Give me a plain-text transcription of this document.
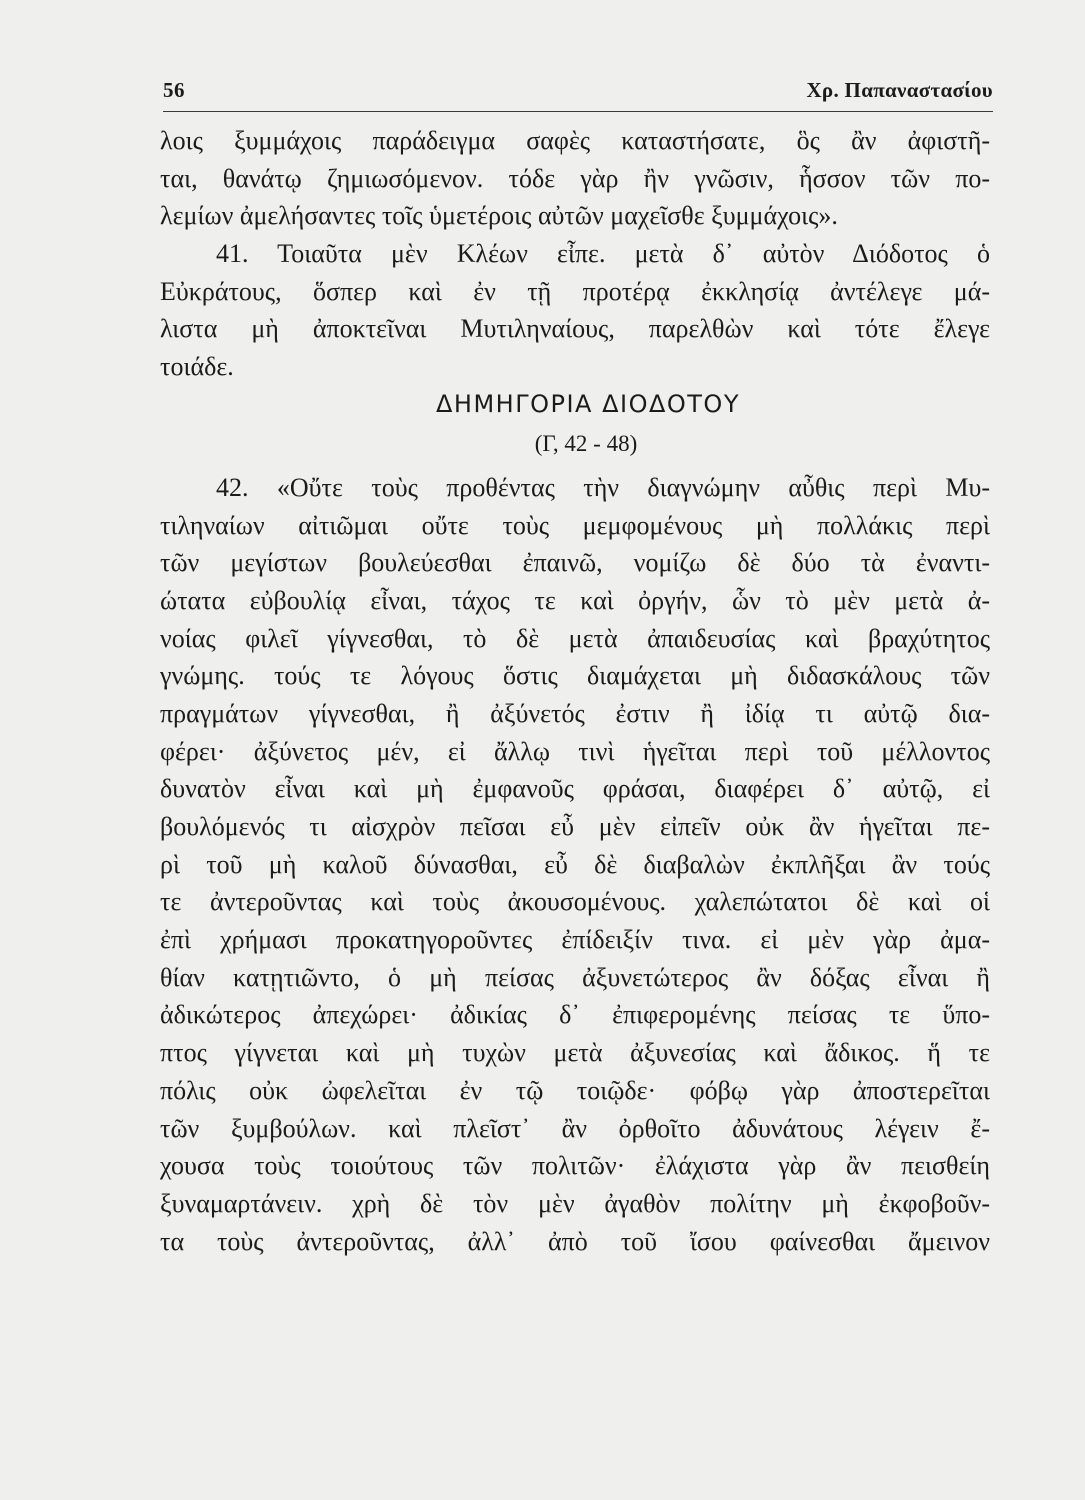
56	Χρ. Παπαναστασίου
λοις ξυμμάχοις παράδειγμα σαφὲς καταστήσατε, ὃς ἂν ἀφιστῆ-
ται, θανάτῳ ζημιωσόμενον. τόδε γὰρ ἢν γνῶσιν, ἧσσον τῶν πο-
λεμίων ἀμελήσαντες τοῖς ὑμετέροις αὐτῶν μαχεῖσθε ξυμμάχοις».
41. Τοιαῦτα μὲν Κλέων εἶπε. μετὰ δ᾽ αὐτὸν Διόδοτος ὁ
Εὐκράτους, ὅσπερ καὶ ἐν τῇ προτέρᾳ ἐκκλησίᾳ ἀντέλεγε μά-
λιστα μὴ ἀποκτεῖναι Μυτιληναίους, παρελθὼν καὶ τότε ἔλεγε
τοιάδε.
ΔΗΜΗΓΟΡΙΑ ΔΙΟΔΟΤΟΥ
(Γ, 42 - 48)
42. «Οὔτε τοὺς προθέντας τὴν διαγνώμην αὖθις περὶ Μυ-
τιληναίων αἰτιῶμαι οὔτε τοὺς μεμφομένους μὴ πολλάκις περὶ
τῶν μεγίστων βουλεύεσθαι ἐπαινῶ, νομίζω δὲ δύο τὰ ἐναντι-
ώτατα εὐβουλίᾳ εἶναι, τάχος τε καὶ ὀργήν, ὧν τὸ μὲν μετὰ ἀ-
νοίας φιλεῖ γίγνεσθαι, τὸ δὲ μετὰ ἀπαιδευσίας καὶ βραχύτητος
γνώμης. τούς τε λόγους ὅστις διαμάχεται μὴ διδασκάλους τῶν
πραγμάτων γίγνεσθαι, ἢ ἀξύνετός ἐστιν ἢ ἰδίᾳ τι αὐτῷ δια-
φέρει· ἀξύνετος μέν, εἰ ἄλλῳ τινὶ ἡγεῖται περὶ τοῦ μέλλοντος
δυνατὸν εἶναι καὶ μὴ ἐμφανοῦς φράσαι, διαφέρει δ᾽ αὐτῷ, εἰ
βουλόμενός τι αἰσχρὸν πεῖσαι εὖ μὲν εἰπεῖν οὐκ ἂν ἡγεῖται πε-
ρὶ τοῦ μὴ καλοῦ δύνασθαι, εὖ δὲ διαβαλὼν ἐκπλῆξαι ἂν τούς
τε ἀντεροῦντας καὶ τοὺς ἀκουσομένους. χαλεπώτατοι δὲ καὶ οἱ
ἐπὶ χρήμασι προκατηγοροῦντες ἐπίδειξίν τινα. εἰ μὲν γὰρ ἀμα-
θίαν κατῃτιῶντο, ὁ μὴ πείσας ἀξυνετώτερος ἂν δόξας εἶναι ἢ
ἀδικώτερος ἀπεχώρει· ἀδικίας δ᾽ ἐπιφερομένης πείσας τε ὕπο-
πτος γίγνεται καὶ μὴ τυχὼν μετὰ ἀξυνεσίας καὶ ἄδικος. ἥ τε
πόλις οὐκ ὠφελεῖται ἐν τῷ τοιῷδε· φόβῳ γὰρ ἀποστερεῖται
τῶν ξυμβούλων. καὶ πλεῖστ᾽ ἂν ὀρθοῖτο ἀδυνάτους λέγειν ἔ-
χουσα τοὺς τοιούτους τῶν πολιτῶν· ἐλάχιστα γὰρ ἂν πεισθείη
ξυναμαρτάνειν. χρὴ δὲ τὸν μὲν ἀγαθὸν πολίτην μὴ ἐκφοβοῦν-
τα τοὺς ἀντεροῦντας, ἀλλ᾽ ἀπὸ τοῦ ἴσου φαίνεσθαι ἄμεινον
